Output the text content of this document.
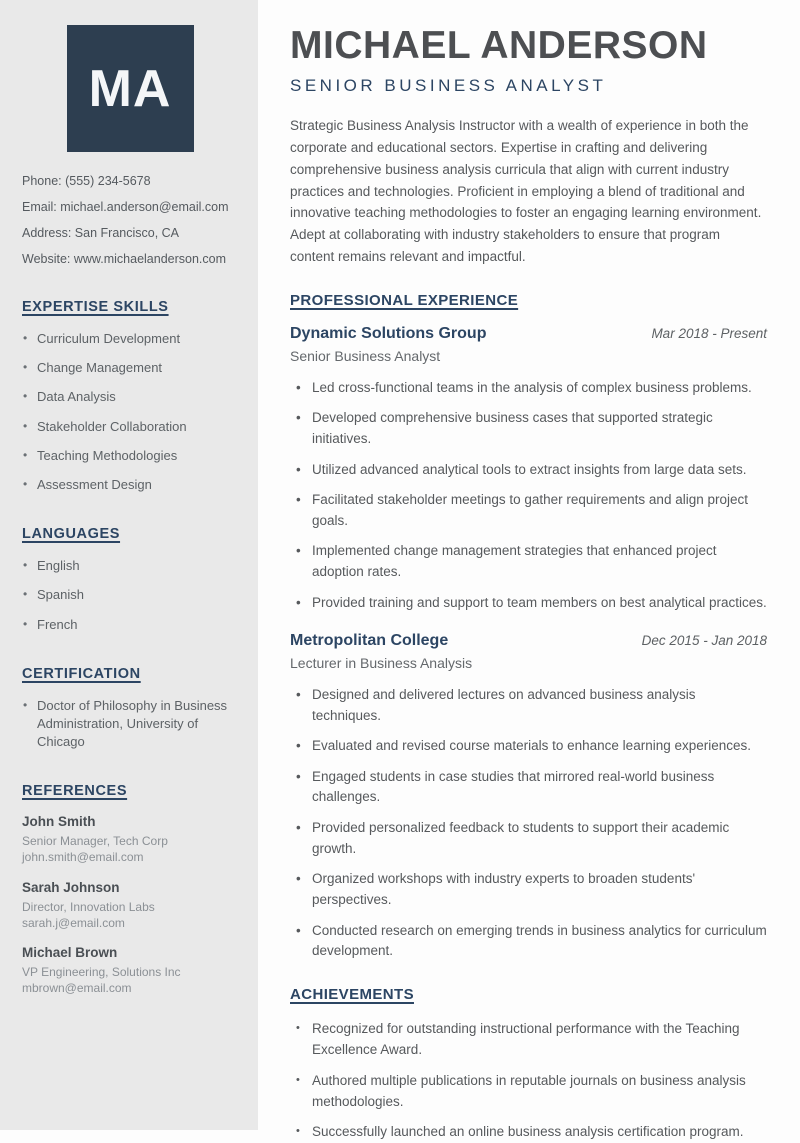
MA
Phone: (555) 234-5678
Email: michael.anderson@email.com
Address: San Francisco, CA
Website: www.michaelanderson.com
EXPERTISE SKILLS
• Curriculum Development
• Change Management
• Data Analysis
• Stakeholder Collaboration
• Teaching Methodologies
• Assessment Design
LANGUAGES
• English
• Spanish
• French
CERTIFICATION
• Doctor of Philosophy in Business Administration, University of Chicago
REFERENCES
John Smith
Senior Manager, Tech Corp
john.smith@email.com
Sarah Johnson
Director, Innovation Labs
sarah.j@email.com
Michael Brown
VP Engineering, Solutions Inc
mbrown@email.com
MICHAEL ANDERSON
SENIOR BUSINESS ANALYST

Strategic Business Analysis Instructor with a wealth of experience in both the corporate and educational sectors. Expertise in crafting and delivering comprehensive business analysis curricula that align with current industry practices and technologies. Proficient in employing a blend of traditional and innovative teaching methodologies to foster an engaging learning environment. Adept at collaborating with industry stakeholders to ensure that program content remains relevant and impactful.

PROFESSIONAL EXPERIENCE
Dynamic Solutions Group	Mar 2018 - Present
Senior Business Analyst
• Led cross-functional teams in the analysis of complex business problems.
• Developed comprehensive business cases that supported strategic initiatives.
• Utilized advanced analytical tools to extract insights from large data sets.
• Facilitated stakeholder meetings to gather requirements and align project goals.
• Implemented change management strategies that enhanced project adoption rates.
• Provided training and support to team members on best analytical practices.
Metropolitan College	Dec 2015 - Jan 2018
Lecturer in Business Analysis
• Designed and delivered lectures on advanced business analysis techniques.
• Evaluated and revised course materials to enhance learning experiences.
• Engaged students in case studies that mirrored real-world business challenges.
• Provided personalized feedback to students to support their academic growth.
• Organized workshops with industry experts to broaden students' perspectives.
• Conducted research on emerging trends in business analytics for curriculum development.
ACHIEVEMENTS
• Recognized for outstanding instructional performance with the Teaching Excellence Award.
• Authored multiple publications in reputable journals on business analysis methodologies.
• Successfully launched an online business analysis certification program.
